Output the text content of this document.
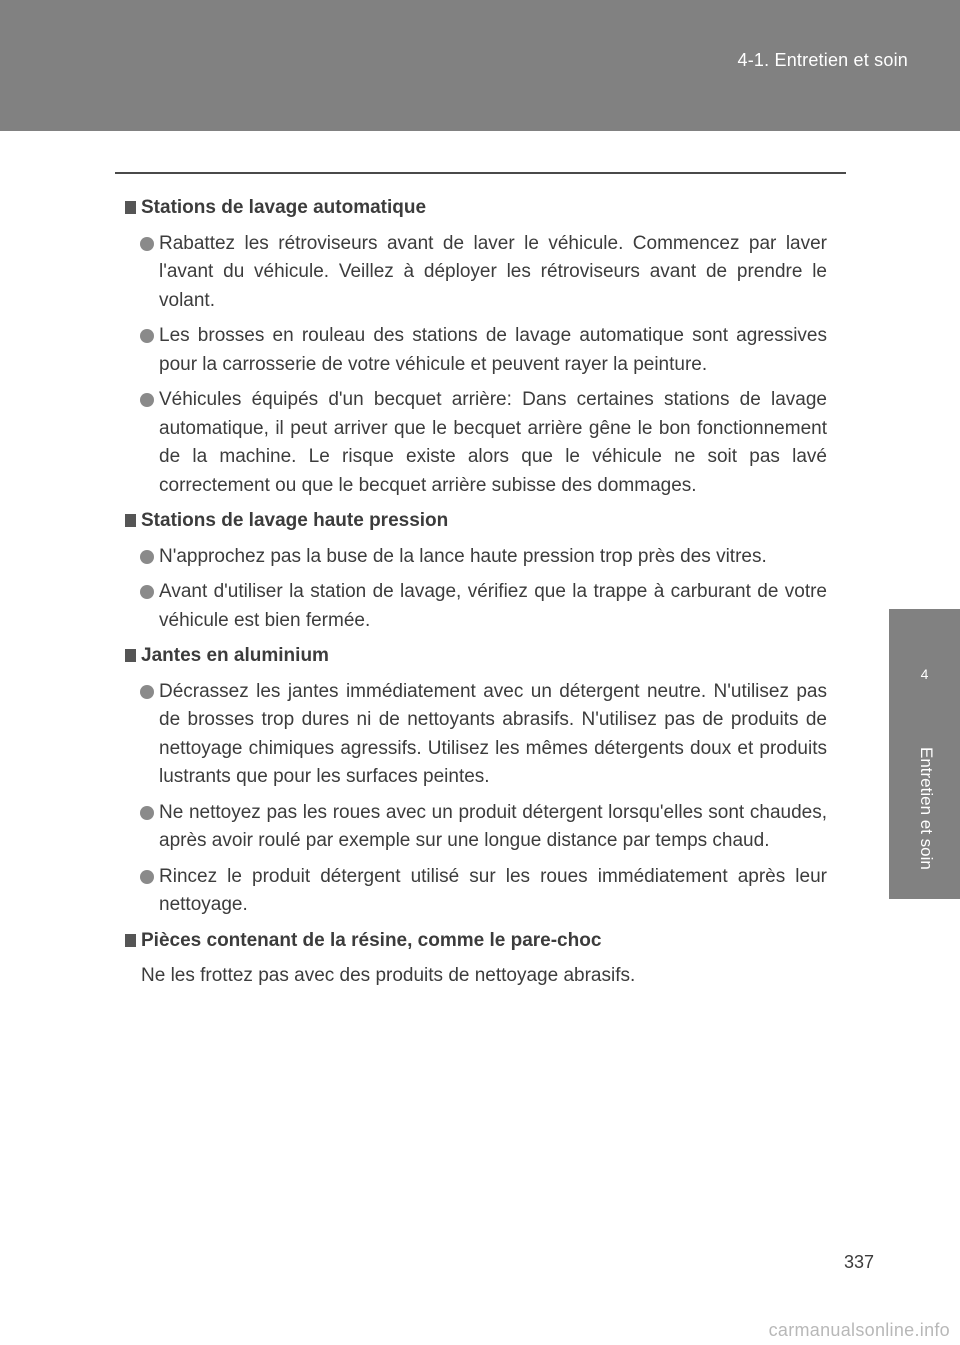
4-1. Entretien et soin
4
Entretien et soin
Stations de lavage automatique
Rabattez les rétroviseurs avant de laver le véhicule. Commencez par laver l'avant du véhicule. Veillez à déployer les rétroviseurs avant de prendre le volant.
Les brosses en rouleau des stations de lavage automatique sont agressives pour la carrosserie de votre véhicule et peuvent rayer la peinture.
Véhicules équipés d'un becquet arrière: Dans certaines stations de lavage automatique, il peut arriver que le becquet arrière gêne le bon fonctionnement de la machine. Le risque existe alors que le véhicule ne soit pas lavé correctement ou que le becquet arrière subisse des dommages.
Stations de lavage haute pression
N'approchez pas la buse de la lance haute pression trop près des vitres.
Avant d'utiliser la station de lavage, vérifiez que la trappe à carburant de votre véhicule est bien fermée.
Jantes en aluminium
Décrassez les jantes immédiatement avec un détergent neutre. N'utilisez pas de brosses trop dures ni de nettoyants abrasifs. N'utilisez pas de produits de nettoyage chimiques agressifs. Utilisez les mêmes détergents doux et produits lustrants que pour les surfaces peintes.
Ne nettoyez pas les roues avec un produit détergent lorsqu'elles sont chaudes, après avoir roulé par exemple sur une longue distance par temps chaud.
Rincez le produit détergent utilisé sur les roues immédiatement après leur nettoyage.
Pièces contenant de la résine, comme le pare-choc
Ne les frottez pas avec des produits de nettoyage abrasifs.
337
carmanualsonline.info
